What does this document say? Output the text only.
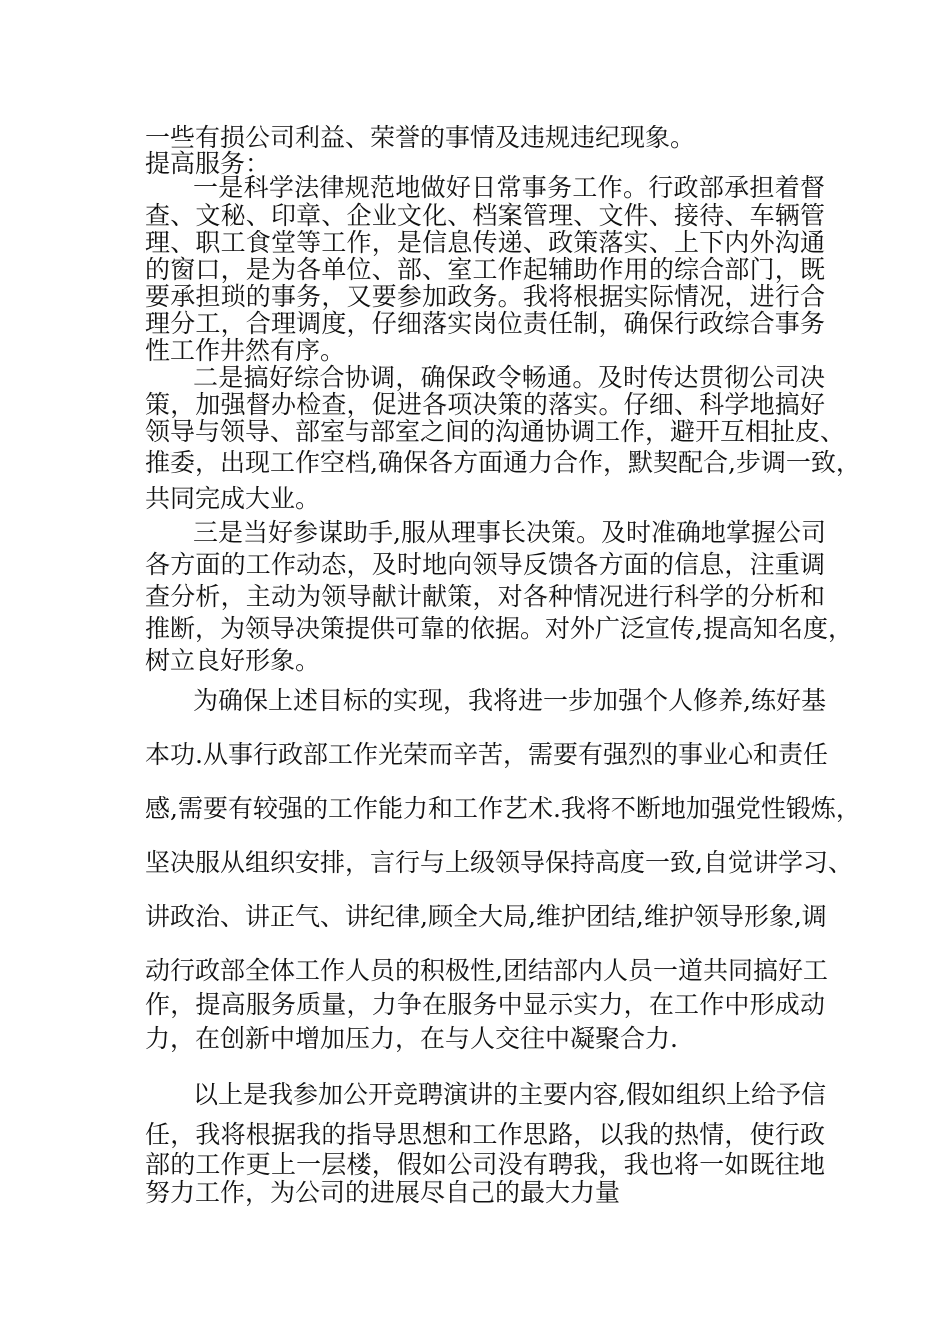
一些有损公司利益、荣誉的事情及违规违纪现象。
提高服务：
一是科学法律规范地做好日常事务工作。行政部承担着督
查、文秘、印章、企业文化、档案管理、文件、接待、车辆管
理、职工食堂等工作，是信息传递、政策落实、上下内外沟通
的窗口，是为各单位、部、室工作起辅助作用的综合部门，既
要承担琐的事务，又要参加政务。我将根据实际情况，进行合
理分工，合理调度，仔细落实岗位责任制，确保行政综合事务
性工作井然有序。
二是搞好综合协调，确保政令畅通。及时传达贯彻公司决
策，加强督办检查，促进各项决策的落实。仔细、科学地搞好
领导与领导、部室与部室之间的沟通协调工作，避开互相扯皮、
推委，出现工作空档,确保各方面通力合作，默契配合,步调一致，
共同完成大业。
三是当好参谋助手,服从理事长决策。及时准确地掌握公司
各方面的工作动态，及时地向领导反馈各方面的信息，注重调
查分析，主动为领导献计献策，对各种情况进行科学的分析和
推断，为领导决策提供可靠的依据。对外广泛宣传,提高知名度，
树立良好形象。
为确保上述目标的实现，我将进一步加强个人修养,练好基
本功.从事行政部工作光荣而辛苦，需要有强烈的事业心和责任
感,需要有较强的工作能力和工作艺术.我将不断地加强党性锻炼，
坚决服从组织安排，言行与上级领导保持高度一致,自觉讲学习、
讲政治、讲正气、讲纪律,顾全大局,维护团结,维护领导形象,调
动行政部全体工作人员的积极性,团结部内人员一道共同搞好工
作，提高服务质量，力争在服务中显示实力，在工作中形成动
力，在创新中增加压力，在与人交往中凝聚合力.
以上是我参加公开竞聘演讲的主要内容,假如组织上给予信
任，我将根据我的指导思想和工作思路，以我的热情，使行政
部的工作更上一层楼，假如公司没有聘我，我也将一如既往地
努力工作，为公司的进展尽自己的最大力量
